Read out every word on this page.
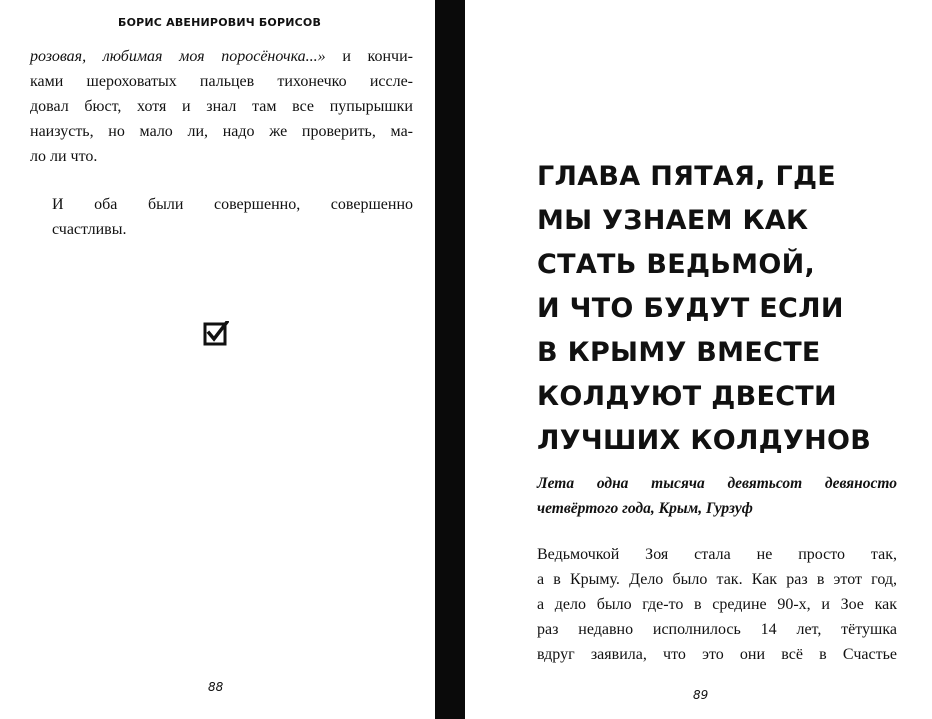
БОРИС АВЕНИРОВИЧ БОРИСОВ
розовая, любимая моя поросёночка...» и кончи-
ками шероховатых пальцев тихонечко иссле-
довал бюст, хотя и знал там все пупырышки
наизусть, но мало ли, надо же проверить, ма-
ло ли что.
И оба были совершенно, совершенно
счастливы.
88
ГЛАВА ПЯТАЯ, ГДЕ
МЫ УЗНАЕМ КАК
СТАТЬ ВЕДЬМОЙ,
И ЧТО БУДУТ ЕСЛИ
В КРЫМУ ВМЕСТЕ
КОЛДУЮТ ДВЕСТИ
ЛУЧШИХ КОЛДУНОВ
Лета одна тысяча девятьсот девяносто
четвёртого года, Крым, Гурзуф
Ведьмочкой Зоя стала не просто так,
а в Крыму. Дело было так. Как раз в этот год,
а дело было где-то в средине 90-х, и Зое как
раз недавно исполнилось 14 лет, тётушка
вдруг заявила, что это они всё в Счастье
89
